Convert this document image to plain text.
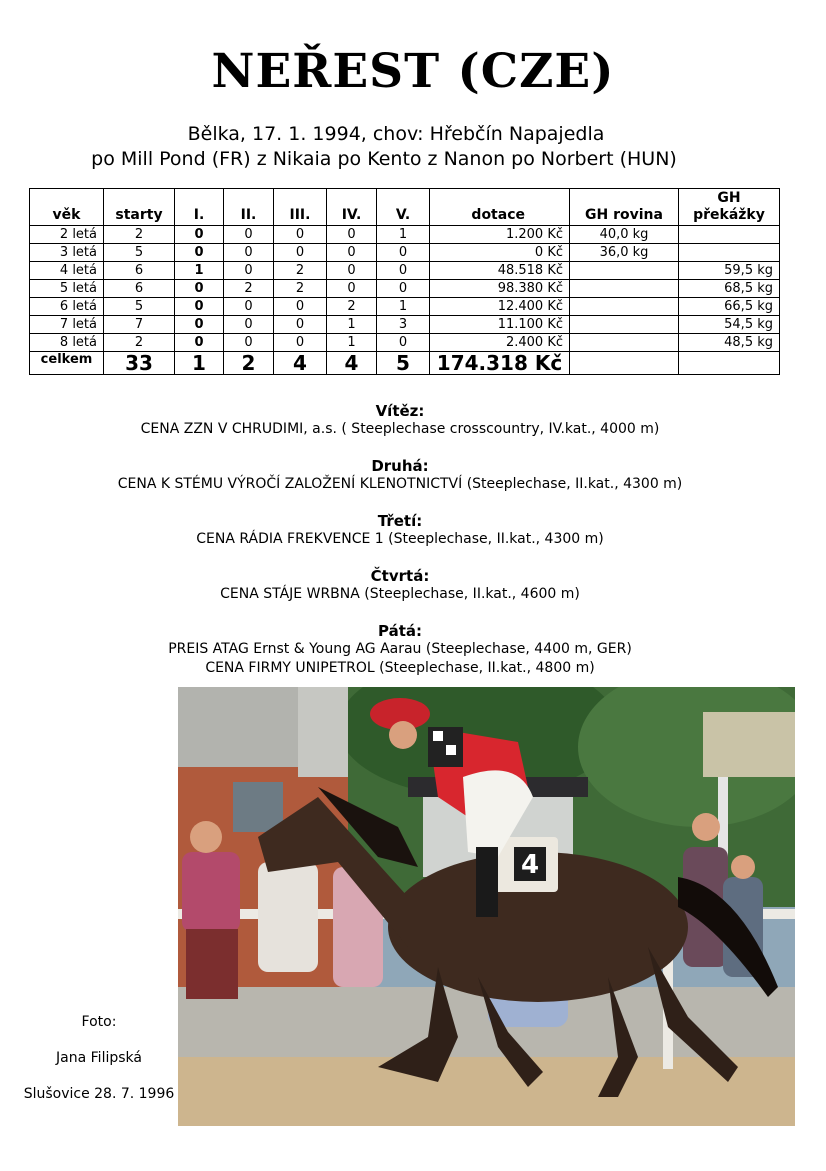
NEŘEST (CZE)
Bělka, 17. 1. 1994, chov: Hřebčín Napajedla
po Mill Pond (FR) z Nikaia po Kento z Nanon po Norbert (HUN)
věk	starty	I.	II.	III.	IV.	V.	dotace	GH rovina	GH překážky
2 letá	2	0	0	0	0	1	1.200 Kč	40,0 kg	
3 letá	5	0	0	0	0	0	0 Kč	36,0 kg	
4 letá	6	1	0	2	0	0	48.518 Kč		59,5 kg
5 letá	6	0	2	2	0	0	98.380 Kč		68,5 kg
6 letá	5	0	0	0	2	1	12.400 Kč		66,5 kg
7 letá	7	0	0	0	1	3	11.100 Kč		54,5 kg
8 letá	2	0	0	0	1	0	2.400 Kč		48,5 kg
celkem	33	1	2	4	4	5	174.318 Kč		
Vítěz:
CENA ZZN V CHRUDIMI, a.s. ( Steeplechase crosscountry, IV.kat., 4000 m)
Druhá:
CENA K STÉMU VÝROČÍ ZALOŽENÍ KLENOTNICTVÍ (Steeplechase, II.kat., 4300 m)
Třetí:
CENA RÁDIA FREKVENCE 1 (Steeplechase, II.kat., 4300 m)
Čtvrtá:
CENA STÁJE WRBNA (Steeplechase, II.kat., 4600 m)
Pátá:
PREIS ATAG Ernst & Young AG Aarau (Steeplechase, 4400 m, GER)
CENA FIRMY UNIPETROL (Steeplechase, II.kat., 4800 m)
4
Foto:
Jana Filipská
Slušovice 28. 7. 1996
